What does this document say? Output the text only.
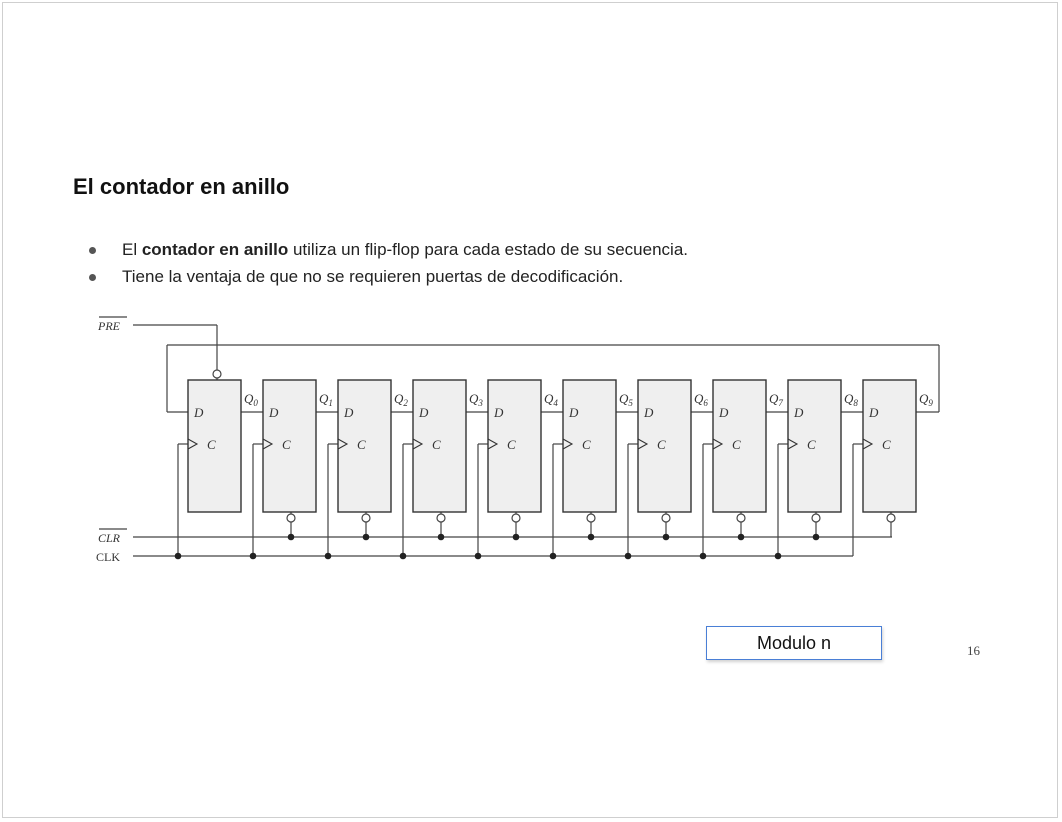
El contador en anillo
El contador en anillo utiliza un flip-flop para cada estado de su secuencia.
Tiene la ventaja de que no se requieren puertas de decodificación.
D
C
D
C
D
C
D
C
D
C
D
C
D
C
D
C
D
C
D
C
$Q_0$	$Q_1$	$Q_2$	$Q_3$	$Q_4$	$Q_5$	$Q_6$	$Q_7$	$Q_8$	$Q_9$
PRE
CLR
CLK
Modulo n	16
